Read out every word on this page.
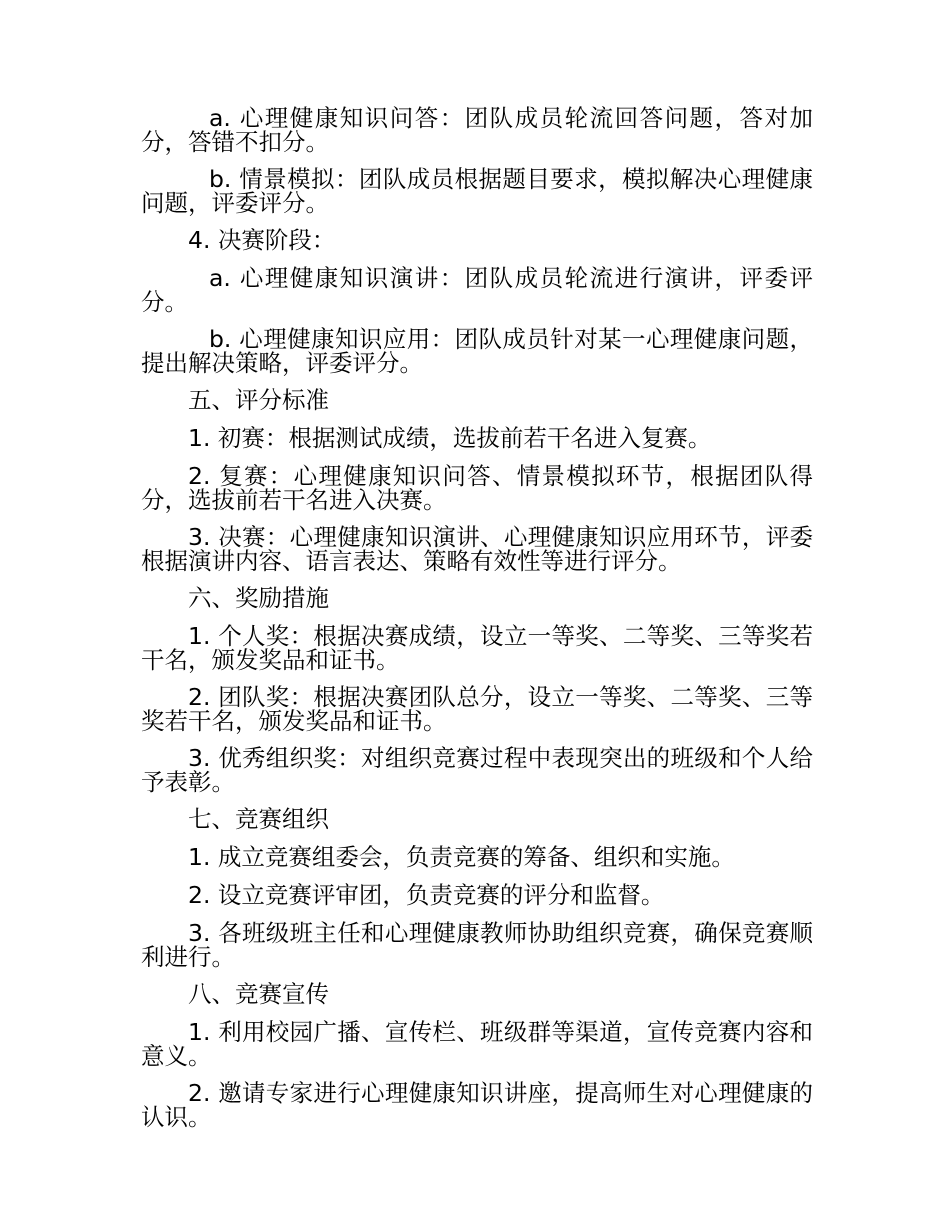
a. 心理健康知识问答：团队成员轮流回答问题，答对加分，答错不扣分。

b. 情景模拟：团队成员根据题目要求，模拟解决心理健康问题，评委评分。

4. 决赛阶段：

a. 心理健康知识演讲：团队成员轮流进行演讲，评委评分。

b. 心理健康知识应用：团队成员针对某一心理健康问题，提出解决策略，评委评分。

五、评分标准

1. 初赛：根据测试成绩，选拔前若干名进入复赛。

2. 复赛：心理健康知识问答、情景模拟环节，根据团队得分，选拔前若干名进入决赛。

3. 决赛：心理健康知识演讲、心理健康知识应用环节，评委根据演讲内容、语言表达、策略有效性等进行评分。

六、奖励措施

1. 个人奖：根据决赛成绩，设立一等奖、二等奖、三等奖若干名，颁发奖品和证书。

2. 团队奖：根据决赛团队总分，设立一等奖、二等奖、三等奖若干名，颁发奖品和证书。

3. 优秀组织奖：对组织竞赛过程中表现突出的班级和个人给予表彰。

七、竞赛组织

1. 成立竞赛组委会，负责竞赛的筹备、组织和实施。

2. 设立竞赛评审团，负责竞赛的评分和监督。

3. 各班级班主任和心理健康教师协助组织竞赛，确保竞赛顺利进行。

八、竞赛宣传

1. 利用校园广播、宣传栏、班级群等渠道，宣传竞赛内容和意义。

2. 邀请专家进行心理健康知识讲座，提高师生对心理健康的认识。
